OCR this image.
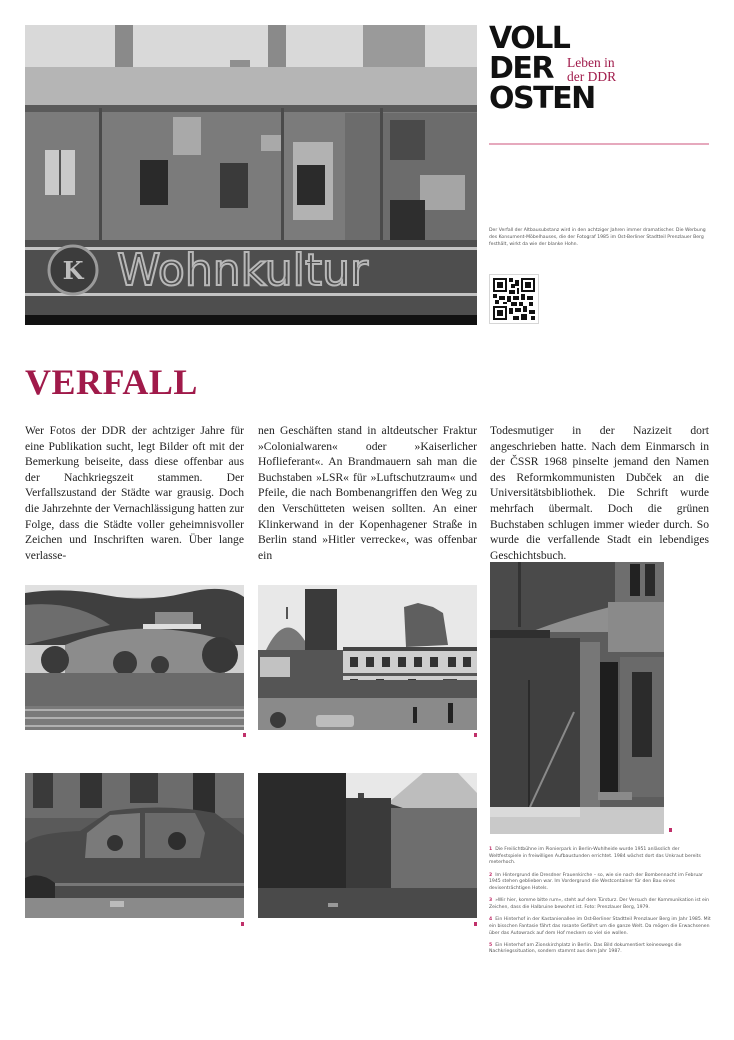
K Wohnkultur
VOLL
DER Leben in
der DDR
OSTEN
Der Verfall der Altbausubstanz wird in den achtziger Jahren immer dramatischer. Die Werbung des Konsument-Möbelhauses, die der Fotograf 1985 im Ost-Berliner Stadtteil Prenzlauer Berg festhält, wirkt da wie der blanke Hohn.
VERFALL
Wer Fotos der DDR der achtziger Jahre für eine Publikation sucht, legt Bilder oft mit der Bemerkung beiseite, dass diese offenbar aus der Nachkriegszeit stammen. Der Verfallszustand der Städte war grausig. Doch die Jahrzehnte der Vernachlässigung hatten zur Folge, dass die Städte voller geheimnisvoller Zeichen und Inschriften waren. Über lange verlasse-
nen Geschäften stand in altdeutscher Fraktur »Colonialwaren« oder »Kaiserlicher Hoflieferant«. An Brandmauern sah man die Buchstaben »LSR« für »Luftschutzraum« und Pfeile, die nach Bombenangriffen den Weg zu den Verschütteten weisen sollten. An einer Klinkerwand in der Kopenhagener Straße in Berlin stand »Hitler verrecke«, was offenbar ein
Todesmutiger in der Nazizeit dort angeschrieben hatte. Nach dem Einmarsch in der ČSSR 1968 pinselte jemand den Namen des Reformkommunisten Dubček an die Universitätsbibliothek. Die Schrift wurde mehrfach übermalt. Doch die grünen Buchstaben schlugen immer wieder durch. So wurde die verfallende Stadt ein lebendiges Geschichtsbuch.
1 Die Freilichtbühne im Pionierpark in Berlin-Wuhlheide wurde 1951 anlässlich der Weltfestspiele in freiwilligen Aufbaustunden errichtet. 1984 wächst dort das Unkraut bereits meterhoch.
2 Im Hintergrund die Dresdner Frauenkirche – so, wie sie nach der Bombennacht im Februar 1945 stehen geblieben war. Im Vordergrund die Westcontainer für den Bau eines devisenträchtigen Hotels.
3 »Wir hier, komme bitte rum«, steht auf dem Türsturz. Der Versuch der Kommunikation ist ein Zeichen, dass die Halbruine bewohnt ist. Foto: Prenzlauer Berg, 1979.
4 Ein Hinterhof in der Kastanienallee im Ost-Berliner Stadtteil Prenzlauer Berg im Jahr 1985. Mit ein bisschen Fantasie fährt das rosante Gefährt um die ganze Welt. Da mögen die Erwachsenen über das Autowrack auf dem Hof meckern so viel sie wollen.
5 Ein Hinterhof am Zionskirchplatz in Berlin. Das Bild dokumentiert keineswegs die Nachkriegssituation, sondern stammt aus dem Jahr 1987.
